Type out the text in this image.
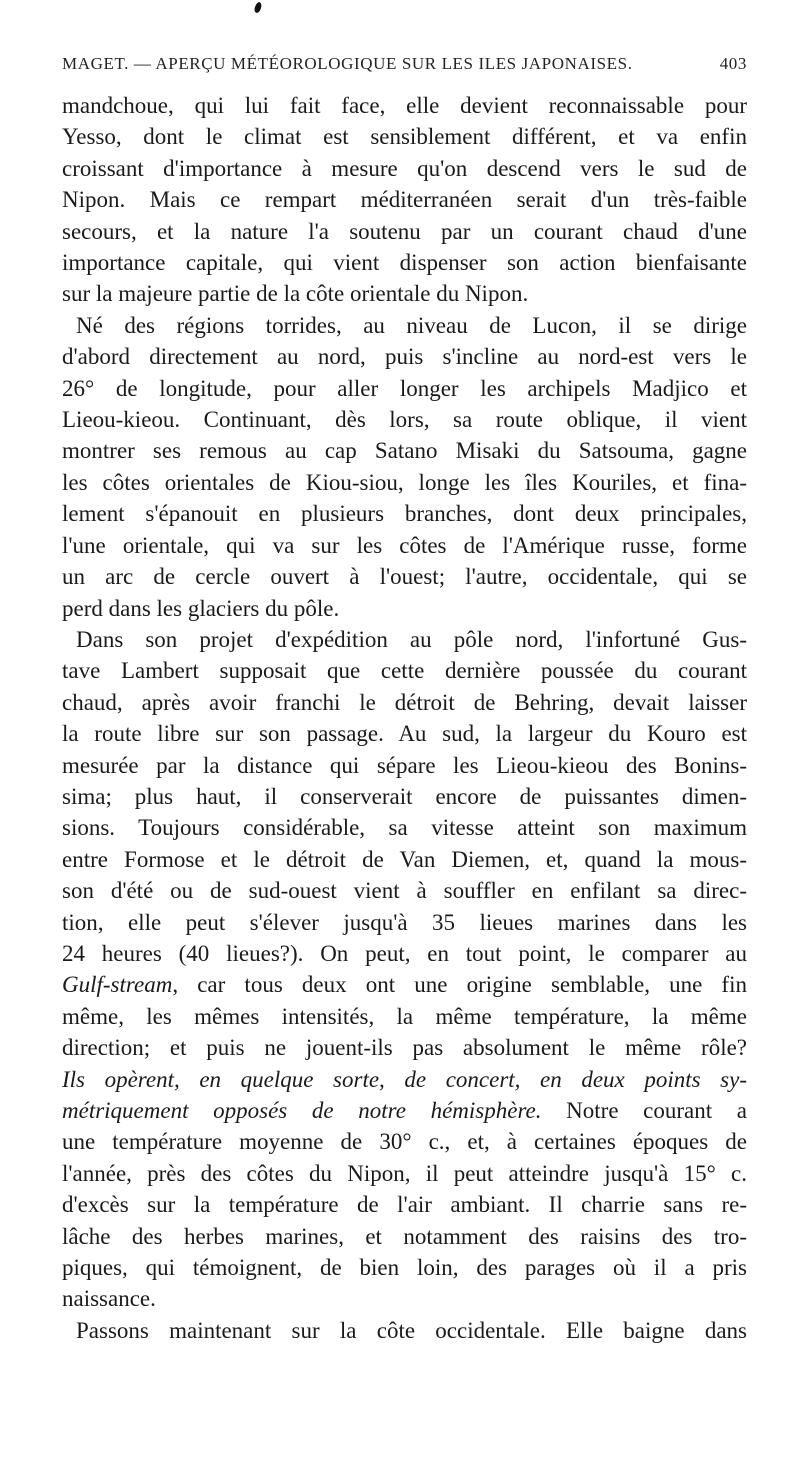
MAGET. — APERÇU MÉTÉOROLOGIQUE SUR LES ILES JAPONAISES.	403

mandchoue, qui lui fait face, elle devient reconnaissable pour

Yesso, dont le climat est sensiblement différent, et va enfin

croissant d'importance à mesure qu'on descend vers le sud de

Nipon. Mais ce rempart méditerranéen serait d'un très-faible

secours, et la nature l'a soutenu par un courant chaud d'une

importance capitale, qui vient dispenser son action bienfaisante

sur la majeure partie de la côte orientale du Nipon.

Né des régions torrides, au niveau de Lucon, il se dirige

d'abord directement au nord, puis s'incline au nord-est vers le

26° de longitude, pour aller longer les archipels Madjico et

Lieou-kieou. Continuant, dès lors, sa route oblique, il vient

montrer ses remous au cap Satano Misaki du Satsouma, gagne

les côtes orientales de Kiou-siou, longe les îles Kouriles, et fina-

lement s'épanouit en plusieurs branches, dont deux principales,

l'une orientale, qui va sur les côtes de l'Amérique russe, forme

un arc de cercle ouvert à l'ouest; l'autre, occidentale, qui se

perd dans les glaciers du pôle.

Dans son projet d'expédition au pôle nord, l'infortuné Gus-

tave Lambert supposait que cette dernière poussée du courant

chaud, après avoir franchi le détroit de Behring, devait laisser

la route libre sur son passage. Au sud, la largeur du Kouro est

mesurée par la distance qui sépare les Lieou-kieou des Bonins-

sima; plus haut, il conserverait encore de puissantes dimen-

sions. Toujours considérable, sa vitesse atteint son maximum

entre Formose et le détroit de Van Diemen, et, quand la mous-

son d'été ou de sud-ouest vient à souffler en enfilant sa direc-

tion, elle peut s'élever jusqu'à 35 lieues marines dans les

24 heures (40 lieues?). On peut, en tout point, le comparer au

Gulf-stream, car tous deux ont une origine semblable, une fin

même, les mêmes intensités, la même température, la même

direction; et puis ne jouent-ils pas absolument le même rôle?

Ils opèrent, en quelque sorte, de concert, en deux points sy-

métriquement opposés de notre hémisphère. Notre courant a

une température moyenne de 30° c., et, à certaines époques de

l'année, près des côtes du Nipon, il peut atteindre jusqu'à 15° c.

d'excès sur la température de l'air ambiant. Il charrie sans re-

lâche des herbes marines, et notamment des raisins des tro-

piques, qui témoignent, de bien loin, des parages où il a pris

naissance.

Passons maintenant sur la côte occidentale. Elle baigne dans
